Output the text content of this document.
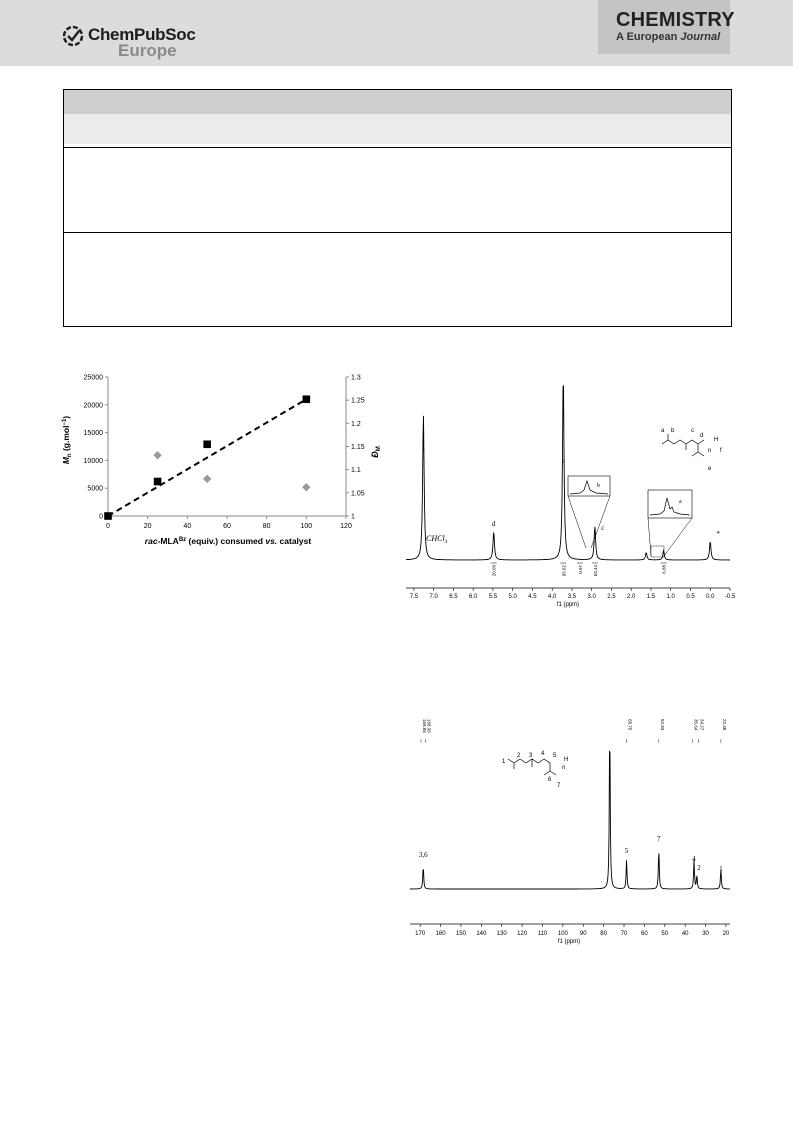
ChemPubSoc
Europe
CHEMISTRY
A European Journal
0	20	40	60	80	100	120
0
5000
10000
15000
20000
25000
1
1.05
1.1
1.15
1.2
1.25
1.3
rac-$MLA^{Bz}$ (equiv.) consumed vs. catalyst
$M_n$ (g.mol$^{-1}$)
$Đ_M$
d
e
c
*
20.09	95.62	0.97 63.44	6.88
CHCl$_3$
b
a
a b	c
d
H
n f
e
7.5 7.0 6.5 6.0 5.5 5.0 4.5 4.0 3.5 3.0 2.5 2.0 1.5 1.0 0.5 0.0 -0.5
f1 (ppm)
168.65 168.38	68.75	52.93	35.64 34.27	22.48
3,6	5
7
4
2	1
1
2 3 4 5
6
7
H
n
170 160 150 140 130 120 110 100 90 80 70 60 50 40 30 20
f1 (ppm)
